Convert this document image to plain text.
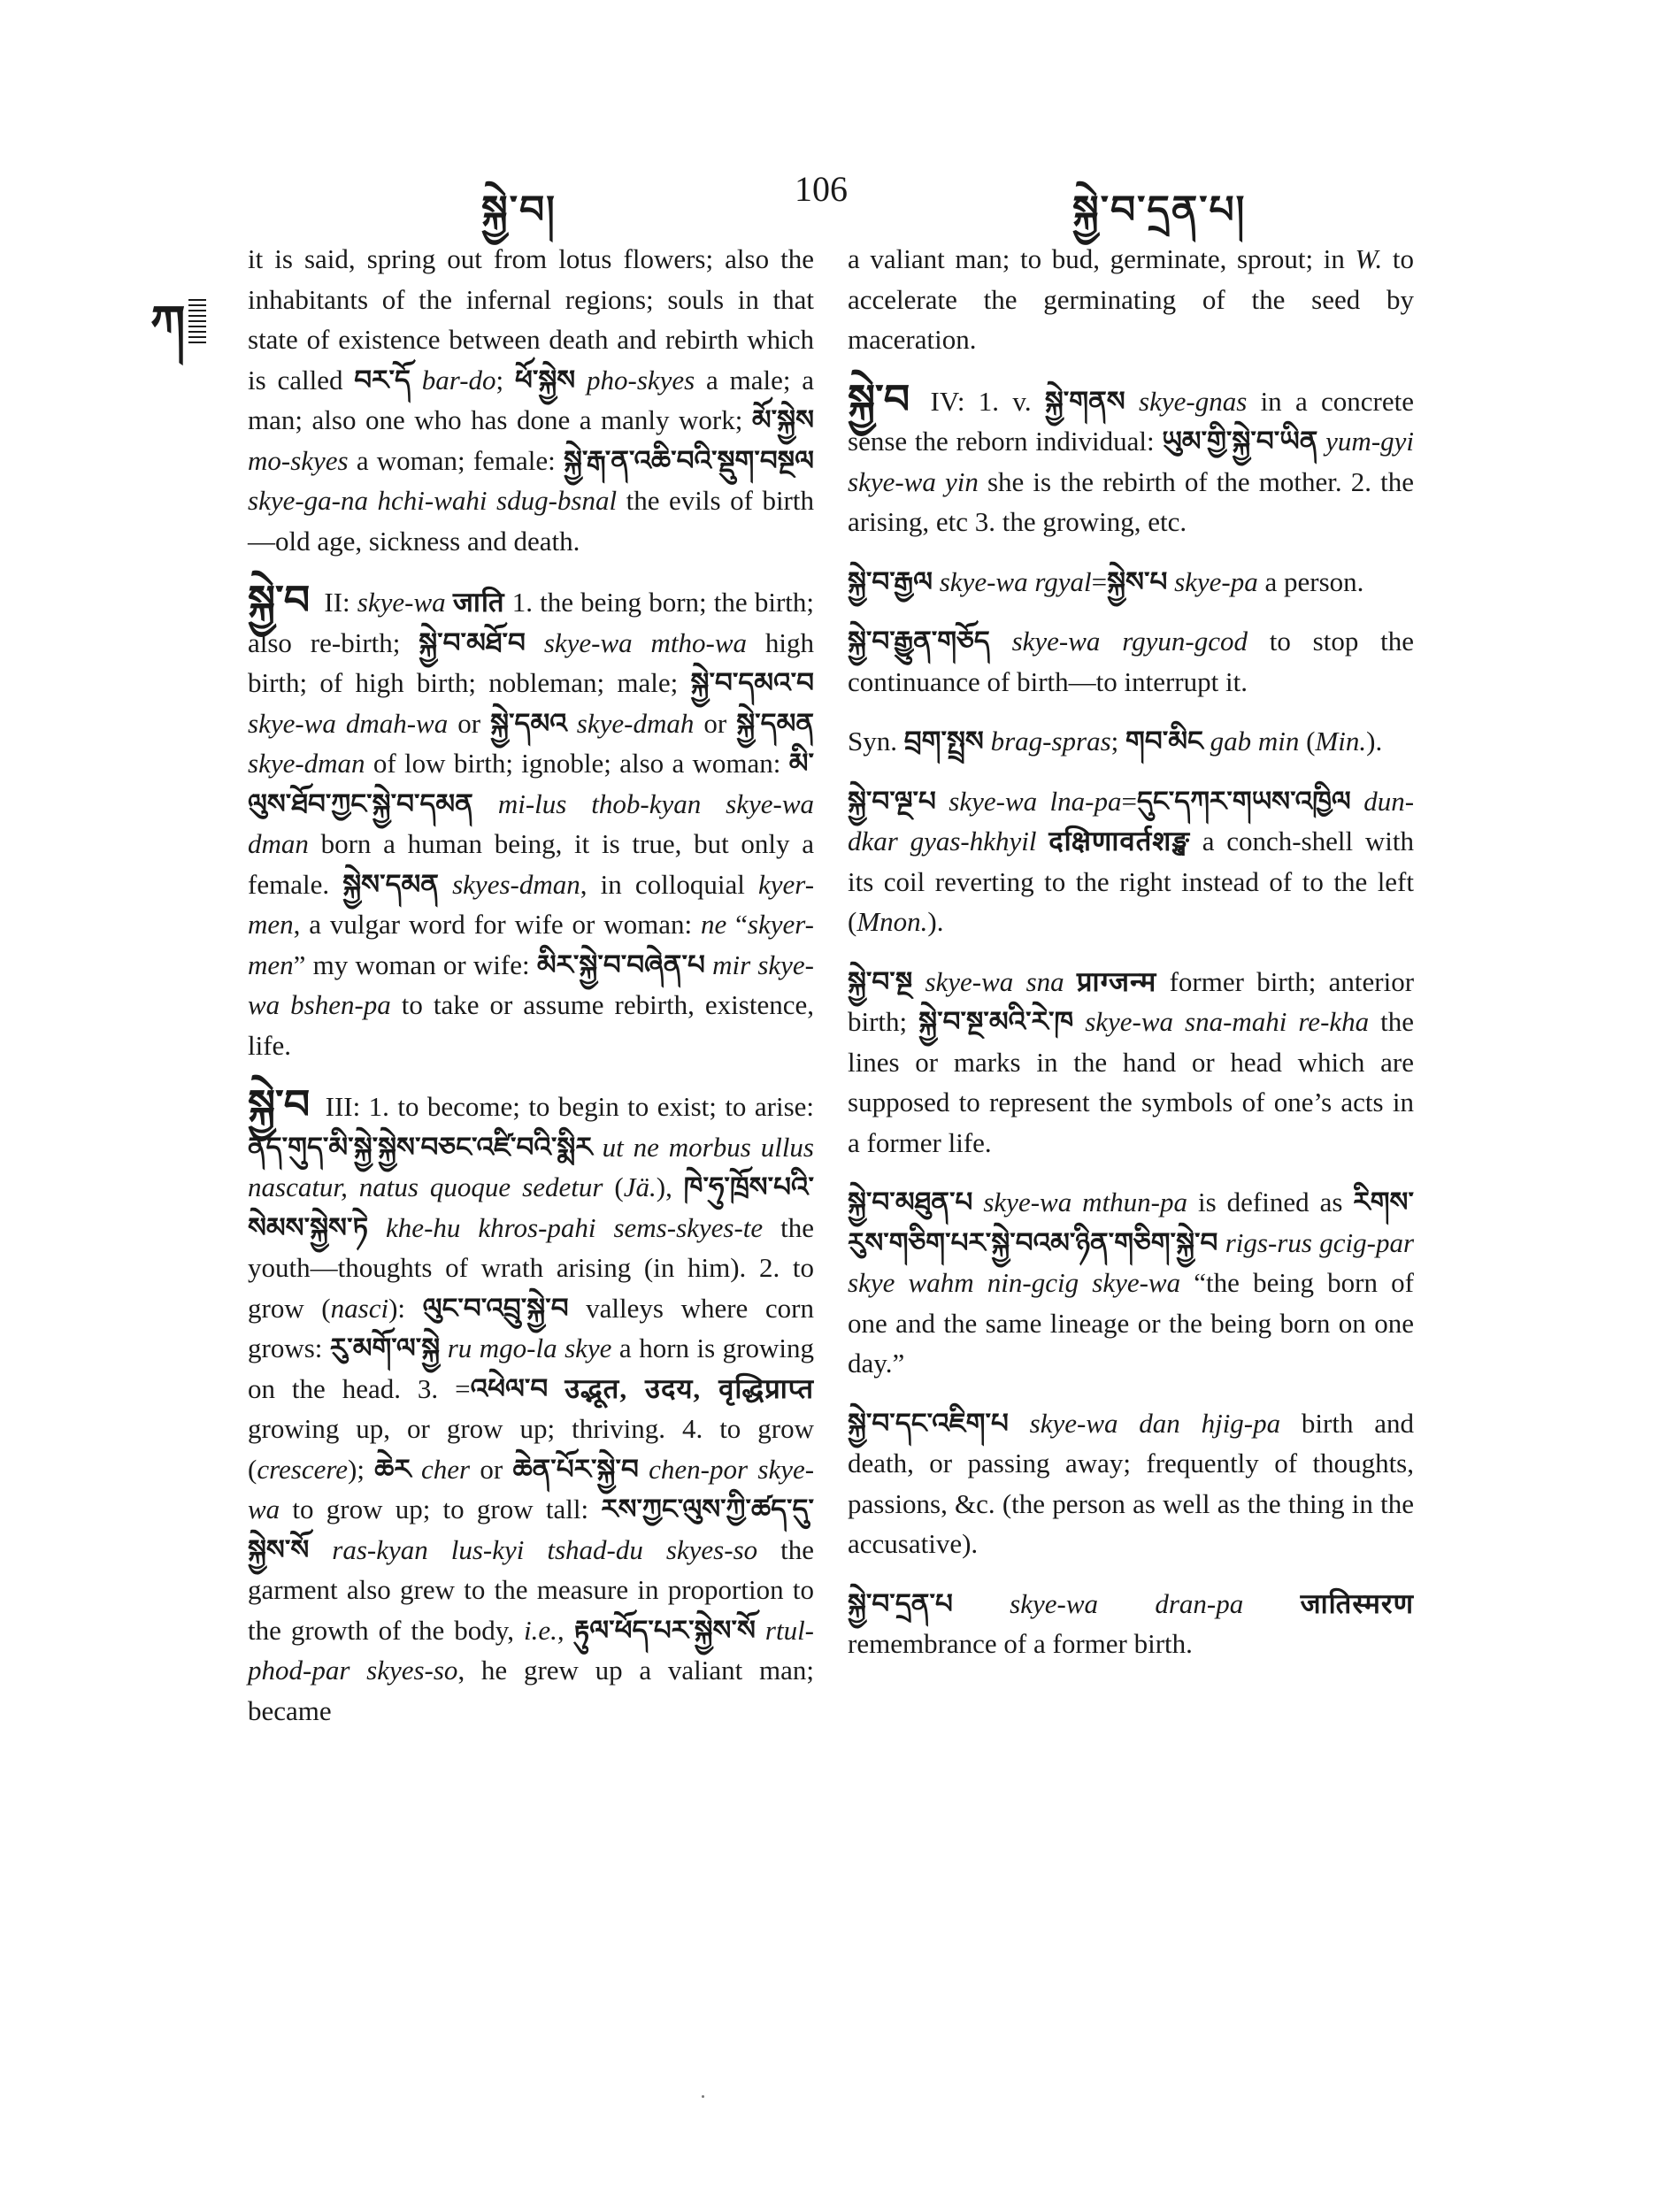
སྐྱེ་བ།	106	སྐྱེ་བ་དྲན་པ།
ཀ

it is said, spring out from lotus flowers; also the inhabitants of the infernal regions; souls in that state of existence between death and rebirth which is called བར་དོ bar-do; ཕོ་སྐྱེས pho-skyes a male; a man; also one who has done a manly work; མོ་སྐྱེས mo-skyes a woman; female: སྐྱེ་རྒ་ན་འཆི་བའི་སྡུག་བསྔལ skye-ga-na hchi-wahi sdug-bsnal the evils of birth—old age, sickness and death.

སྐྱེ་བ II: skye-wa जाति 1. the being born; the birth; also re-birth; སྐྱེ་བ་མཐོ་བ skye-wa mtho-wa high birth; of high birth; nobleman; male; སྐྱེ་བ་དམའ་བ skye-wa dmah-wa or སྐྱེ་དམའ skye-dmah or སྐྱེ་དམན skye-dman of low birth; ignoble; also a woman: མི་ལུས་ཐོབ་ཀྱང་སྐྱེ་བ་དམན mi-lus thob-kyan skye-wa dman born a human being, it is true, but only a female. སྐྱེས་དམན skyes-dman, in colloquial kyer-men, a vulgar word for wife or woman: ne “skyer-men” my woman or wife: མིར་སྐྱེ་བ་བཞེན་པ mir skye-wa bshen-pa to take or assume rebirth, existence, life.

སྐྱེ་བ III: 1. to become; to begin to exist; to arise: ནད་གུད་མི་སྐྱེ་སྐྱེས་བཅང་འཛི་བའི་སྨིར ut ne morbus ullus nascatur, natus quoque sedetur (Jä.), ཁེ་ཧུ་ཁྲོས་པའི་སེམས་སྐྱེས་ཏེ khe-hu khros-pahi sems-skyes-te the youth—thoughts of wrath arising (in him). 2. to grow (nasci): ལུང་བ་འབྲུ་སྐྱེ་བ valleys where corn grows: རུ་མགོ་ལ་སྐྱེ ru mgo-la skye a horn is growing on the head. 3. =འཕེལ་བ उद्भूत, उदय, वृद्धिप्राप्त growing up, or grow up; thriving. 4. to grow (crescere); ཆེར cher or ཆེན་པོར་སྐྱེ་བ chen-por skye-wa to grow up; to grow tall: རས་ཀྱང་ལུས་ཀྱི་ཚད་དུ་སྐྱེས་སོ ras-kyan lus-kyi tshad-du skyes-so the garment also grew to the measure in proportion to the growth of the body, i.e., རྟུལ་ཕོད་པར་སྐྱེས་སོ rtul-phod-par skyes-so, he grew up a valiant man; became

a valiant man; to bud, germinate, sprout; in W. to accelerate the germinating of the seed by maceration.

སྐྱེ་བ IV: 1. v. སྐྱེ་གནས skye-gnas in a concrete sense the reborn individual: ཡུམ་གྱི་སྐྱེ་བ་ཡིན yum-gyi skye-wa yin she is the rebirth of the mother. 2. the arising, etc 3. the growing, etc.

སྐྱེ་བ་རྒྱལ skye-wa rgyal=སྐྱེས་པ skye-pa a person.

སྐྱེ་བ་རྒྱུན་གཅོད skye-wa rgyun-gcod to stop the continuance of birth—to interrupt it.

Syn. བྲག་སྤྲས brag-spras; གབ་མིང gab min (Min.).

སྐྱེ་བ་ལྔ་པ skye-wa lna-pa=དུང་དཀར་གཡས་འཁྱིལ dun-dkar gyas-hkhyil दक्षिणावर्तशङ्ख a conch-shell with its coil reverting to the right instead of to the left (Mnon.).

སྐྱེ་བ་སྔ skye-wa sna प्राग्जन्म former birth; anterior birth; སྐྱེ་བ་སྔ་མའི་རེ་ཁ skye-wa sna-mahi re-kha the lines or marks in the hand or head which are supposed to represent the symbols of one’s acts in a former life.

སྐྱེ་བ་མཐུན་པ skye-wa mthun-pa is defined as རིགས་རུས་གཅིག་པར་སྐྱེ་བའམ་ཉིན་གཅིག་སྐྱེ་བ rigs-rus gcig-par skye wahm nin-gcig skye-wa “the being born of one and the same lineage or the being born on one day.”

སྐྱེ་བ་དང་འཇིག་པ skye-wa dan hjig-pa birth and death, or passing away; frequently of thoughts, passions, &c. (the person as well as the thing in the accusative).

སྐྱེ་བ་དྲན་པ skye-wa dran-pa जातिस्मरण remembrance of a former birth.
